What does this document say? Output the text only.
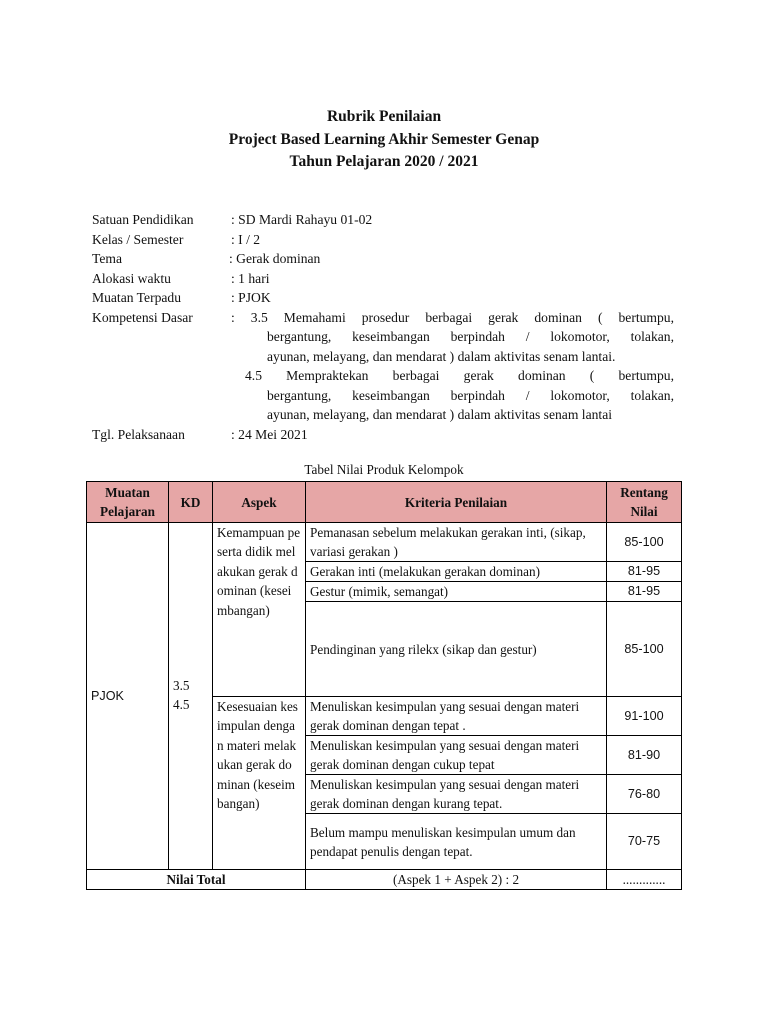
Rubrik Penilaian
Project Based Learning Akhir Semester Genap
Tahun Pelajaran 2020 / 2021
Satuan Pendidikan	: SD Mardi Rahayu 01-02
Kelas / Semester	: I / 2
Tema	: Gerak dominan
Alokasi waktu	: 1 hari
Muatan Terpadu	: PJOK
Kompetensi Dasar	: 3.5 Memahami prosedur berbagai gerak dominan ( bertumpu,
bergantung, keseimbangan berpindah / lokomotor, tolakan,
ayunan, melayang, dan mendarat ) dalam aktivitas senam lantai.
4.5 Mempraktekan berbagai gerak dominan ( bertumpu,
bergantung, keseimbangan berpindah / lokomotor, tolakan,
ayunan, melayang, dan mendarat ) dalam aktivitas senam lantai
Tgl. Pelaksanaan	: 24 Mei 2021
Tabel Nilai Produk Kelompok
Muatan Pelajaran	KD	Aspek	Kriteria Penilaian	Rentang Nilai
PJOK	3.5 4.5	Kemampuan peserta didik melakukan gerak dominan (keseimbangan)	Pemanasan sebelum melakukan gerakan inti, (sikap, variasi gerakan )	85-100
			Gerakan inti (melakukan gerakan dominan)	81-95
			Gestur (mimik, semangat)	81-95
			Pendinginan yang rilekx (sikap dan gestur)	85-100
		Kesesuaian kesimpulan dengan materi melakukan gerak dominan (keseimbangan)	Menuliskan kesimpulan yang sesuai dengan materi gerak dominan dengan tepat .	91-100
			Menuliskan kesimpulan yang sesuai dengan materi gerak dominan dengan cukup tepat	81-90
			Menuliskan kesimpulan yang sesuai dengan materi gerak dominan dengan kurang tepat.	76-80
			Belum mampu menuliskan kesimpulan umum dan pendapat penulis dengan tepat.	70-75
Nilai Total			(Aspek 1 + Aspek 2) : 2	.............
